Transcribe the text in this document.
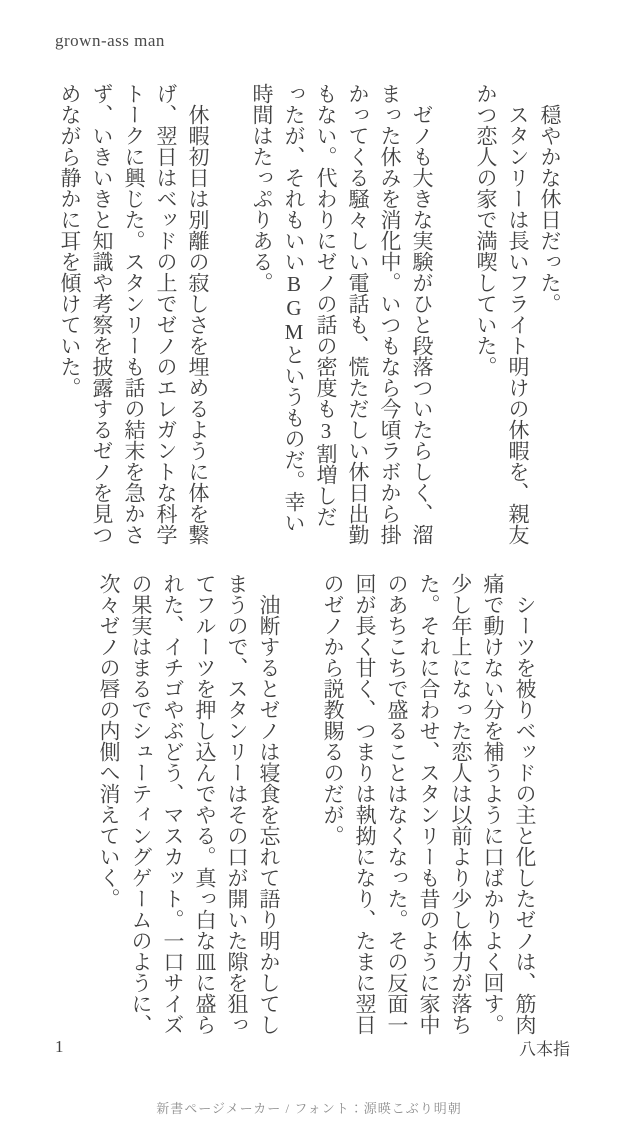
grown-ass man

穏やかな休日だった。

スタンリーは長いフライト明けの休暇を、親友かつ恋人の家で満喫していた。

ゼノも大きな実験がひと段落ついたらしく、溜まった休みを消化中。いつもなら今頃ラボから掛かってくる騒々しい電話も、慌ただしい休日出勤もない。代わりにゼノの話の密度も3割増しだったが、それもいいBGMというものだ。幸い時間はたっぷりある。

休暇初日は別離の寂しさを埋めるように体を繋げ、翌日はベッドの上でゼノのエレガントな科学トークに興じた。スタンリーも話の結末を急かさず、いきいきと知識や考察を披露するゼノを見つめながら静かに耳を傾けていた。

シーツを被りベッドの主と化したゼノは、筋肉痛で動けない分を補うように口ばかりよく回す。少し年上になった恋人は以前より少し体力が落ちた。それに合わせ、スタンリーも昔のように家中のあちこちで盛ることはなくなった。その反面一回が長く甘く、つまりは執拗になり、たまに翌日のゼノから説教賜るのだが。

油断するとゼノは寝食を忘れて語り明かしてしまうので、スタンリーはその口が開いた隙を狙ってフルーツを押し込んでやる。真っ白な皿に盛られた、イチゴやぶどう、マスカット。一口サイズの果実はまるでシューティングゲームのように、次々ゼノの唇の内側へ消えていく。

1	八本指
新書ページメーカー / フォント：源暎こぶり明朝
